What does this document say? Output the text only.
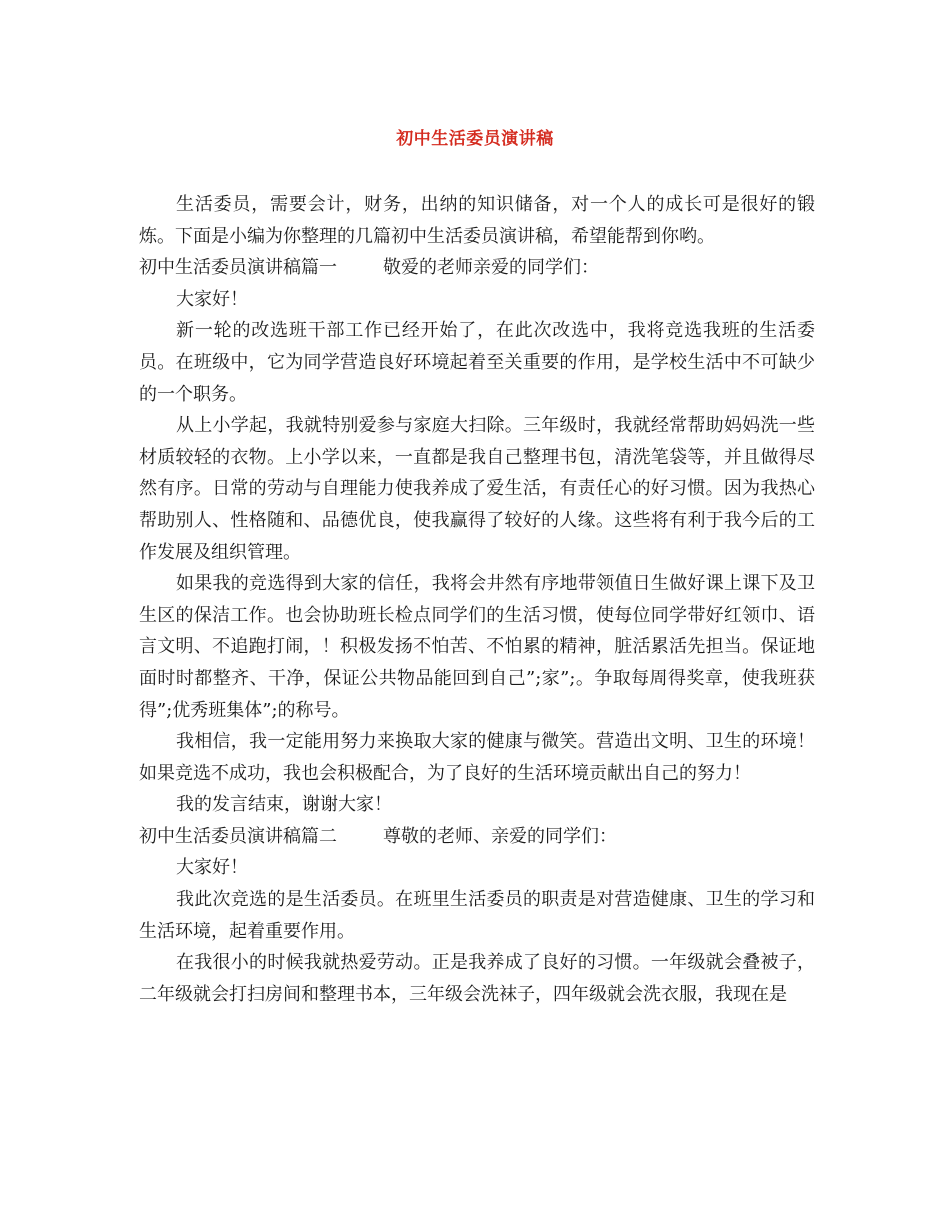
初中生活委员演讲稿

生活委员，需要会计，财务，出纳的知识储备，对一个人的成长可是很好的锻炼。下面是小编为你整理的几篇初中生活委员演讲稿，希望能帮到你哟。

初中生活委员演讲稿篇一	敬爱的老师亲爱的同学们：

大家好！

新一轮的改选班干部工作已经开始了，在此次改选中，我将竞选我班的生活委员。在班级中，它为同学营造良好环境起着至关重要的作用，是学校生活中不可缺少的一个职务。

从上小学起，我就特别爱参与家庭大扫除。三年级时，我就经常帮助妈妈洗一些材质较轻的衣物。上小学以来，一直都是我自己整理书包，清洗笔袋等，并且做得尽然有序。日常的劳动与自理能力使我养成了爱生活，有责任心的好习惯。因为我热心帮助别人、性格随和、品德优良，使我赢得了较好的人缘。这些将有利于我今后的工作发展及组织管理。

如果我的竞选得到大家的信任，我将会井然有序地带领值日生做好课上课下及卫生区的保洁工作。也会协助班长检点同学们的生活习惯，使每位同学带好红领巾、语言文明、不追跑打闹，！积极发扬不怕苦、不怕累的精神，脏活累活先担当。保证地面时时都整齐、干净，保证公共物品能回到自己”;家”;。争取每周得奖章，使我班获得”;优秀班集体”;的称号。

我相信，我一定能用努力来换取大家的健康与微笑。营造出文明、卫生的环境！如果竞选不成功，我也会积极配合，为了良好的生活环境贡献出自己的努力！

我的发言结束，谢谢大家！

初中生活委员演讲稿篇二	尊敬的老师、亲爱的同学们：

大家好！

我此次竞选的是生活委员。在班里生活委员的职责是对营造健康、卫生的学习和生活环境，起着重要作用。

在我很小的时候我就热爱劳动。正是我养成了良好的习惯。一年级就会叠被子，二年级就会打扫房间和整理书本，三年级会洗袜子，四年级就会洗衣服，我现在是
